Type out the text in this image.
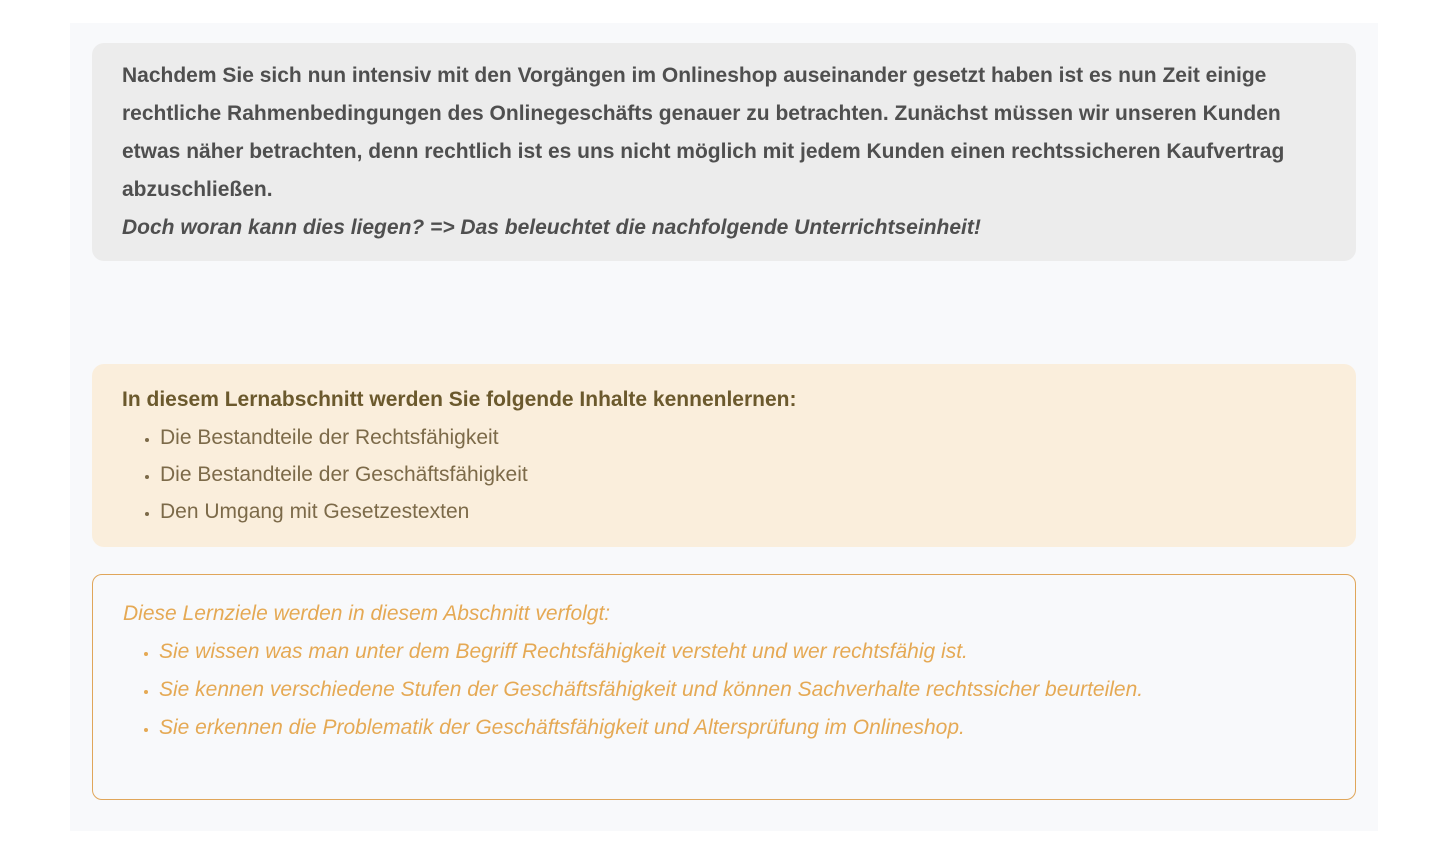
Nachdem Sie sich nun intensiv mit den Vorgängen im Onlineshop auseinander gesetzt haben ist es nun Zeit einige rechtliche Rahmenbedingungen des Onlinegeschäfts genauer zu betrachten. Zunächst müssen wir unseren Kunden etwas näher betrachten, denn rechtlich ist es uns nicht möglich mit jedem Kunden einen rechtssicheren Kaufvertrag abzuschließen.

Doch woran kann dies liegen? => Das beleuchtet die nachfolgende Unterrichtseinheit!

In diesem Lernabschnitt werden Sie folgende Inhalte kennenlernen:

• Die Bestandteile der Rechtsfähigkeit
• Die Bestandteile der Geschäftsfähigkeit
• Den Umgang mit Gesetzestexten

Diese Lernziele werden in diesem Abschnitt verfolgt:

• Sie wissen was man unter dem Begriff Rechtsfähigkeit versteht und wer rechtsfähig ist.
• Sie kennen verschiedene Stufen der Geschäftsfähigkeit und können Sachverhalte rechtssicher beurteilen.
• Sie erkennen die Problematik der Geschäftsfähigkeit und Altersprüfung im Onlineshop.
